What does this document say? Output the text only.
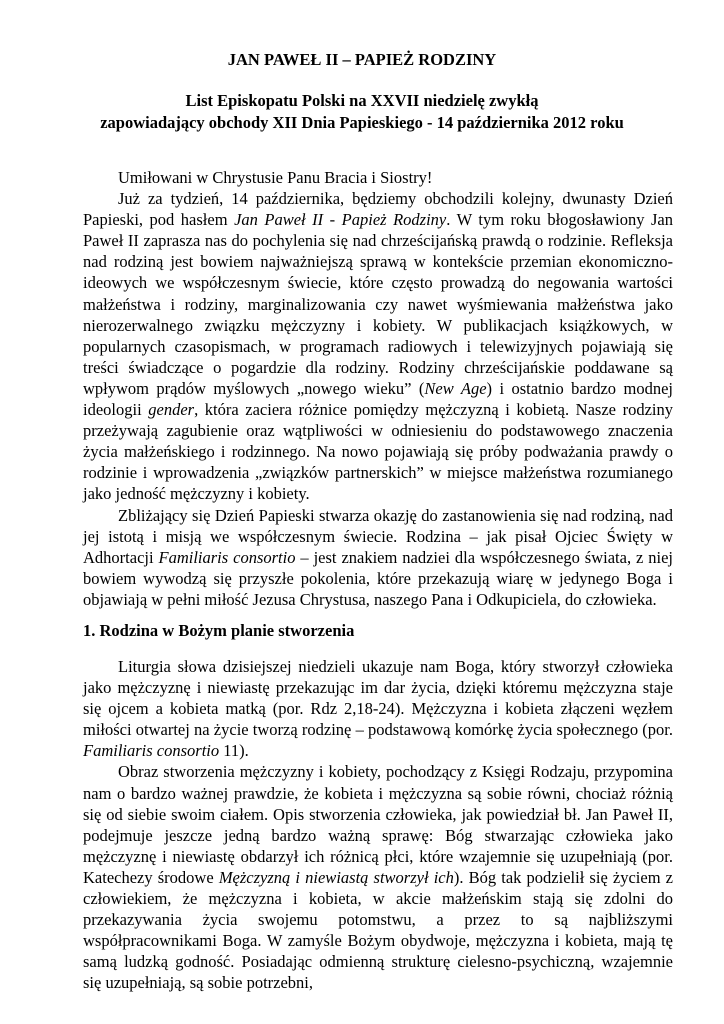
JAN PAWEŁ II – PAPIEŻ RODZINY
List Episkopatu Polski na XXVII niedzielę zwykłą
zapowiadający obchody XII Dnia Papieskiego - 14 października 2012 roku

Umiłowani w Chrystusie Panu Bracia i Siostry!

Już za tydzień, 14 października, będziemy obchodzili kolejny, dwunasty Dzień Papieski, pod hasłem Jan Paweł II - Papież Rodziny. W tym roku błogosławiony Jan Paweł II zaprasza nas do pochylenia się nad chrześcijańską prawdą o rodzinie. Refleksja nad rodziną jest bowiem najważniejszą sprawą w kontekście przemian ekonomiczno-ideowych we współczesnym świecie, które często prowadzą do negowania wartości małżeństwa i rodziny, marginalizowania czy nawet wyśmiewania małżeństwa jako nierozerwalnego związku mężczyzny i kobiety. W publikacjach książkowych, w popularnych czasopismach, w programach radiowych i telewizyjnych pojawiają się treści świadczące o pogardzie dla rodziny. Rodziny chrześcijańskie poddawane są wpływom prądów myślowych „nowego wieku” (New Age) i ostatnio bardzo modnej ideologii gender, która zaciera różnice pomiędzy mężczyzną i kobietą. Nasze rodziny przeżywają zagubienie oraz wątpliwości w odniesieniu do podstawowego znaczenia życia małżeńskiego i rodzinnego. Na nowo pojawiają się próby podważania prawdy o rodzinie i wprowadzenia „związków partnerskich” w miejsce małżeństwa rozumianego jako jedność mężczyzny i kobiety.

Zbliżający się Dzień Papieski stwarza okazję do zastanowienia się nad rodziną, nad jej istotą i misją we współczesnym świecie. Rodzina – jak pisał Ojciec Święty w Adhortacji Familiaris consortio – jest znakiem nadziei dla współczesnego świata, z niej bowiem wywodzą się przyszłe pokolenia, które przekazują wiarę w jedynego Boga i objawiają w pełni miłość Jezusa Chrystusa, naszego Pana i Odkupiciela, do człowieka.

1. Rodzina w Bożym planie stworzenia

Liturgia słowa dzisiejszej niedzieli ukazuje nam Boga, który stworzył człowieka jako mężczyznę i niewiastę przekazując im dar życia, dzięki któremu mężczyzna staje się ojcem a kobieta matką (por. Rdz 2,18-24). Mężczyzna i kobieta złączeni węzłem miłości otwartej na życie tworzą rodzinę – podstawową komórkę życia społecznego (por. Familiaris consortio 11).

Obraz stworzenia mężczyzny i kobiety, pochodzący z Księgi Rodzaju, przypomina nam o bardzo ważnej prawdzie, że kobieta i mężczyzna są sobie równi, chociaż różnią się od siebie swoim ciałem. Opis stworzenia człowieka, jak powiedział bł. Jan Paweł II, podejmuje jeszcze jedną bardzo ważną sprawę: Bóg stwarzając człowieka jako mężczyznę i niewiastę obdarzył ich różnicą płci, które wzajemnie się uzupełniają (por. Katechezy środowe Mężczyzną i niewiastą stworzył ich). Bóg tak podzielił się życiem z człowiekiem, że mężczyzna i kobieta, w akcie małżeńskim stają się zdolni do przekazywania życia swojemu potomstwu, a przez to są najbliższymi współpracownikami Boga. W zamyśle Bożym obydwoje, mężczyzna i kobieta, mają tę samą ludzką godność. Posiadając odmienną strukturę cielesno-psychiczną, wzajemnie się uzupełniają, są sobie potrzebni,
